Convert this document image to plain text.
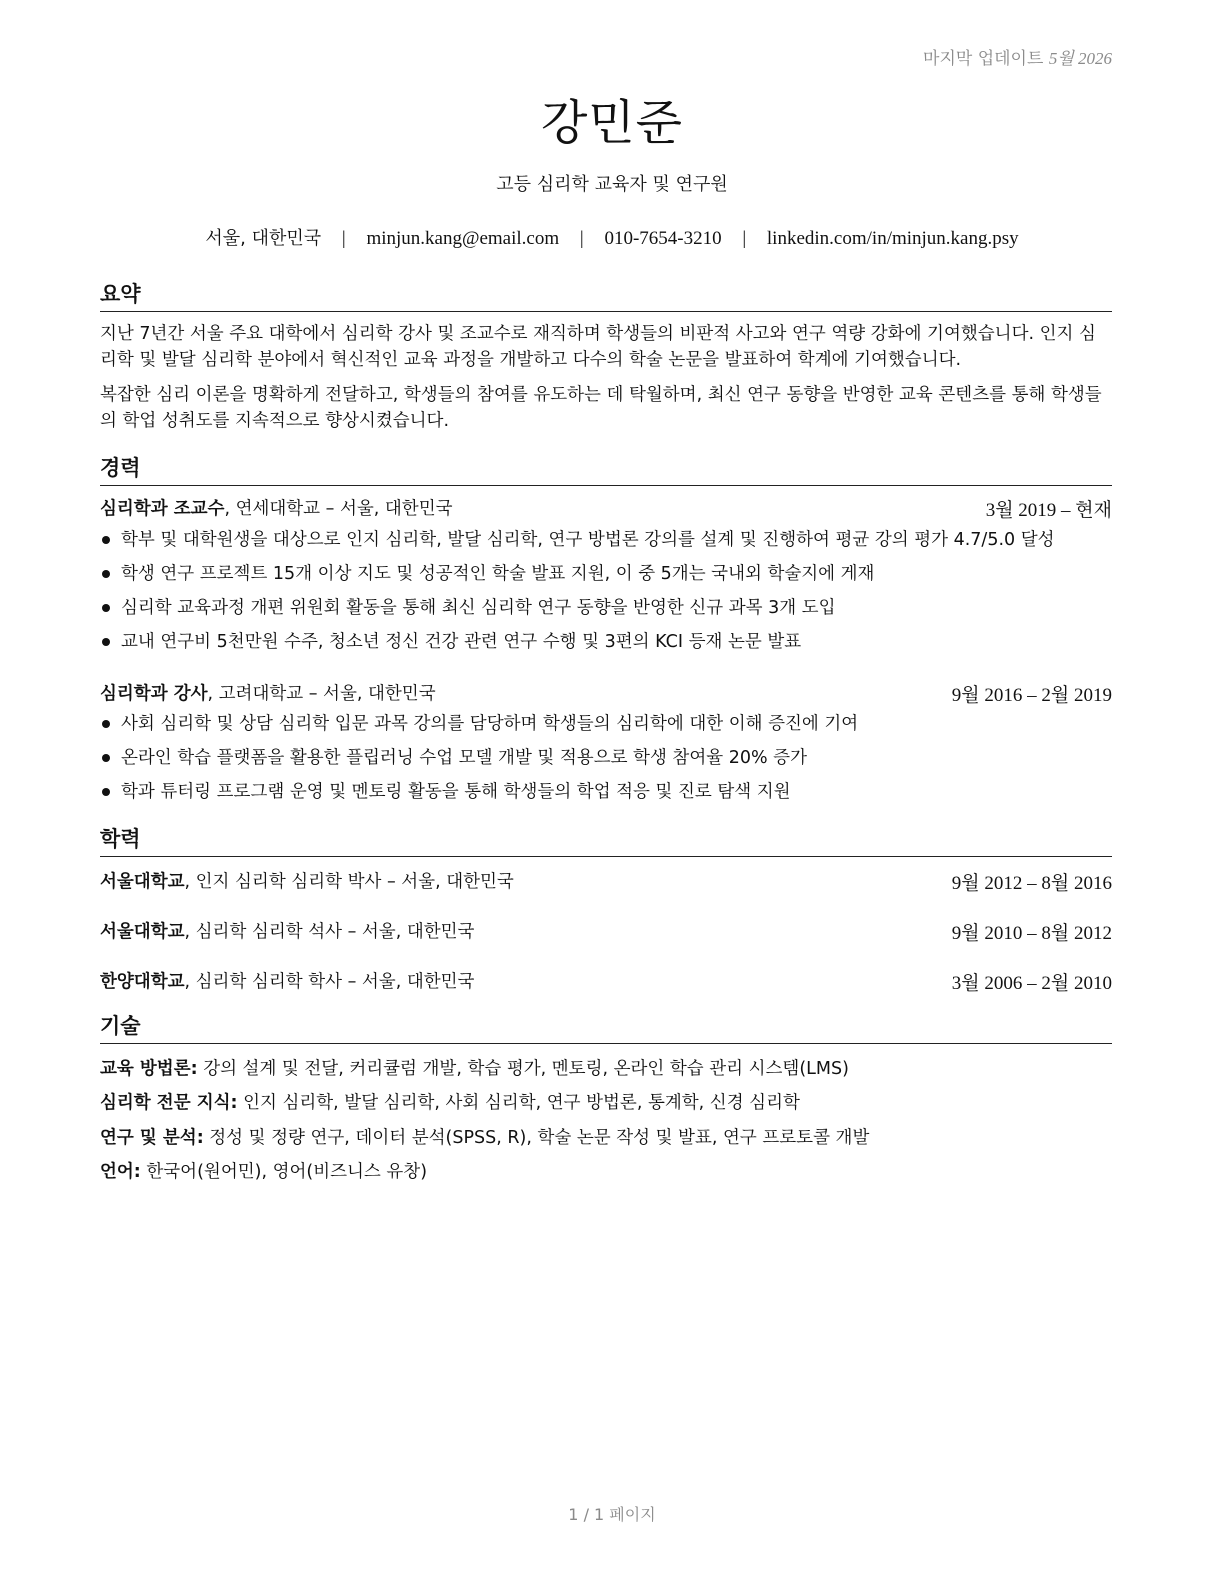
마지막 업데이트 5월 2026
강민준
고등 심리학 교육자 및 연구원
서울, 대한민국 | minjun.kang@email.com | 010-7654-3210 | linkedin.com/in/minjun.kang.psy
요약

지난 7년간 서울 주요 대학에서 심리학 강사 및 조교수로 재직하며 학생들의 비판적 사고와 연구 역량 강화에 기여했습니다. 인지 심리학 및 발달 심리학 분야에서 혁신적인 교육 과정을 개발하고 다수의 학술 논문을 발표하여 학계에 기여했습니다.

복잡한 심리 이론을 명확하게 전달하고, 학생들의 참여를 유도하는 데 탁월하며, 최신 연구 동향을 반영한 교육 콘텐츠를 통해 학생들의 학업 성취도를 지속적으로 향상시켰습니다.

경력
심리학과 조교수, 연세대학교 – 서울, 대한민국	3월 2019 – 현재
학부 및 대학원생을 대상으로 인지 심리학, 발달 심리학, 연구 방법론 강의를 설계 및 진행하여 평균 강의 평가 4.7/5.0 달성
학생 연구 프로젝트 15개 이상 지도 및 성공적인 학술 발표 지원, 이 중 5개는 국내외 학술지에 게재
심리학 교육과정 개편 위원회 활동을 통해 최신 심리학 연구 동향을 반영한 신규 과목 3개 도입
교내 연구비 5천만원 수주, 청소년 정신 건강 관련 연구 수행 및 3편의 KCI 등재 논문 발표
심리학과 강사, 고려대학교 – 서울, 대한민국	9월 2016 – 2월 2019
사회 심리학 및 상담 심리학 입문 과목 강의를 담당하며 학생들의 심리학에 대한 이해 증진에 기여
온라인 학습 플랫폼을 활용한 플립러닝 수업 모델 개발 및 적용으로 학생 참여율 20% 증가
학과 튜터링 프로그램 운영 및 멘토링 활동을 통해 학생들의 학업 적응 및 진로 탐색 지원
학력
서울대학교, 인지 심리학 심리학 박사 – 서울, 대한민국	9월 2012 – 8월 2016
서울대학교, 심리학 심리학 석사 – 서울, 대한민국	9월 2010 – 8월 2012
한양대학교, 심리학 심리학 학사 – 서울, 대한민국	3월 2006 – 2월 2010
기술
교육 방법론: 강의 설계 및 전달, 커리큘럼 개발, 학습 평가, 멘토링, 온라인 학습 관리 시스템(LMS)
심리학 전문 지식: 인지 심리학, 발달 심리학, 사회 심리학, 연구 방법론, 통계학, 신경 심리학
연구 및 분석: 정성 및 정량 연구, 데이터 분석(SPSS, R), 학술 논문 작성 및 발표, 연구 프로토콜 개발
언어: 한국어(원어민), 영어(비즈니스 유창)
1 / 1 페이지
